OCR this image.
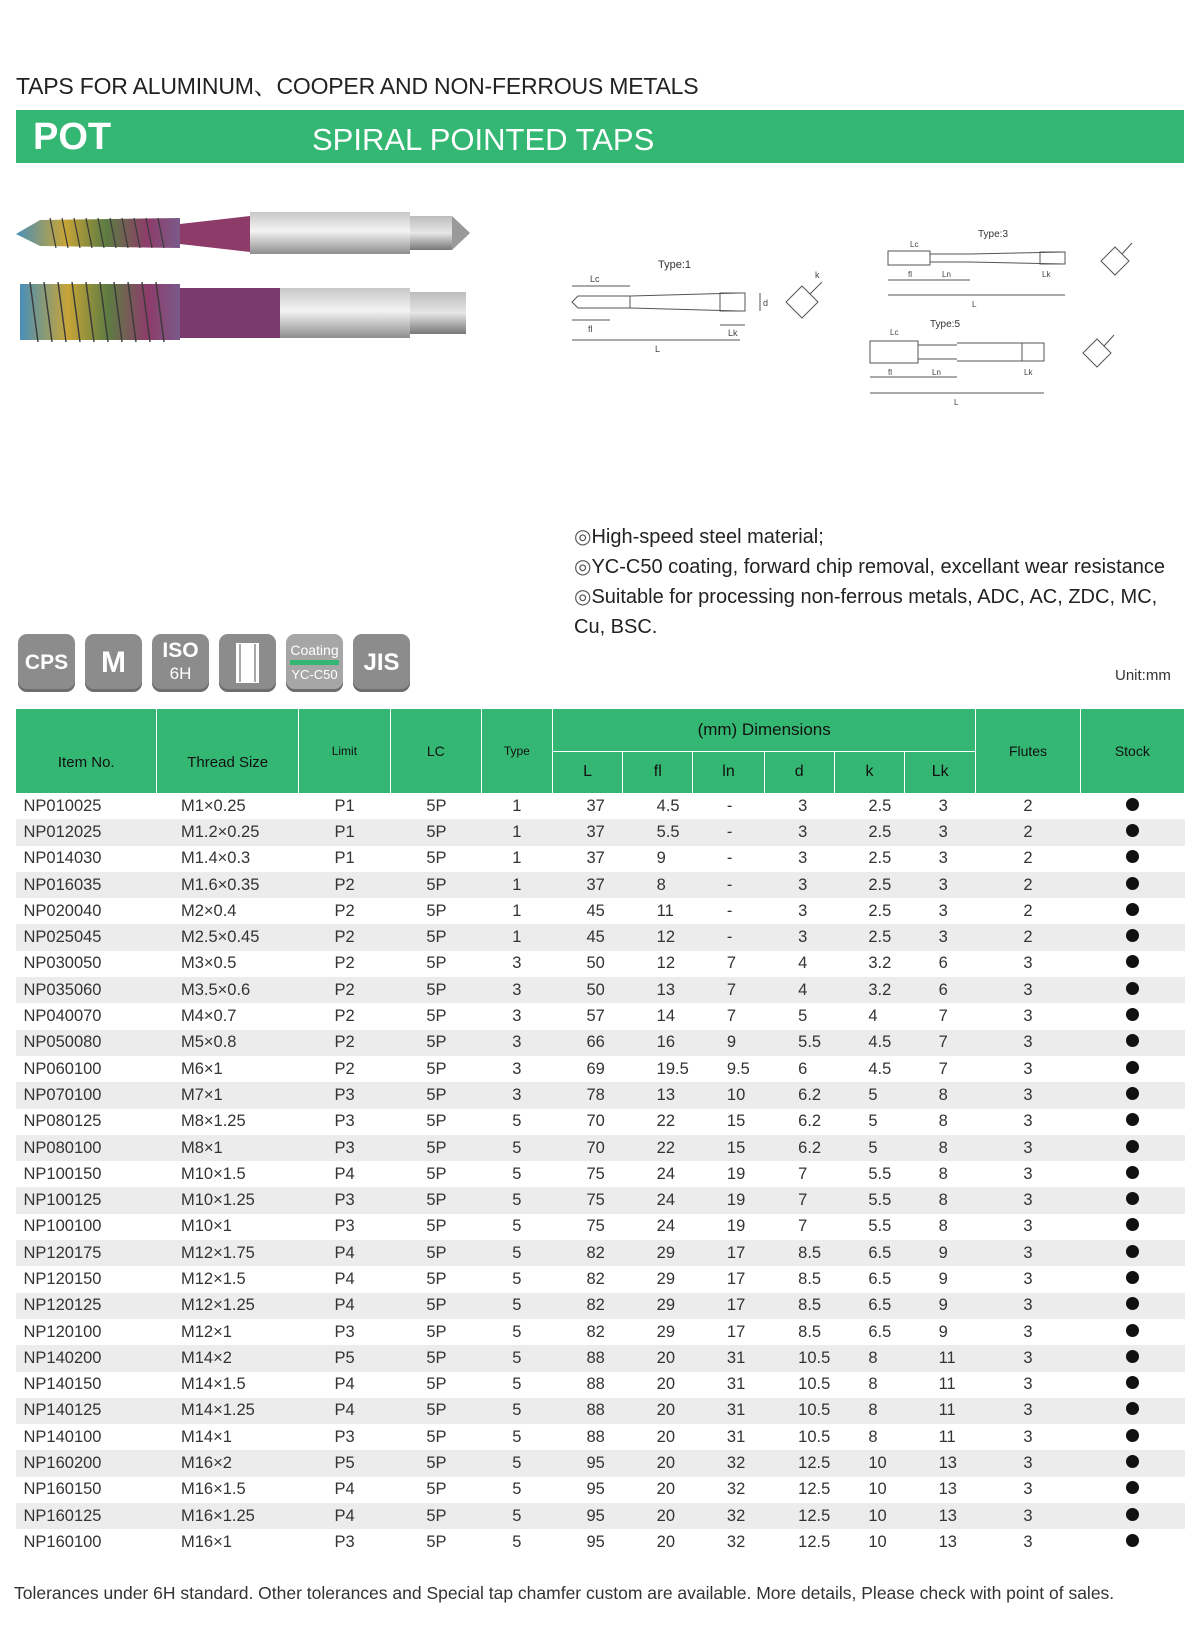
TAPS FOR ALUMINUM、COOPER AND NON-FERROUS METALS
POT	SPIRAL POINTED TAPS
Type:1
Lc
fl
L
Lk
d
k
Type:3
Lc
fl	Ln
L
Lk
Type:5
Lc
fl	Ln
L
Lk
◎High-speed steel material;
◎YC-C50 coating, forward chip removal, excellant wear resistance
◎Suitable for processing non-ferrous metals, ADC, AC, ZDC, MC, Cu, BSC.
CPS	M	ISO
6H
Coating
YC-C50	JIS	Unit:mm
Item No.	Thread Size	Limit	LC	Type	(mm) Dimensions						Flutes	Stock
					L	fl	ln	d	k	Lk		
NP010025	M1×0.25	P1	5P	1	37	4.5	-	3	2.5	3	2	
NP012025	M1.2×0.25	P1	5P	1	37	5.5	-	3	2.5	3	2	
NP014030	M1.4×0.3	P1	5P	1	37	9	-	3	2.5	3	2	
NP016035	M1.6×0.35	P2	5P	1	37	8	-	3	2.5	3	2	
NP020040	M2×0.4	P2	5P	1	45	11	-	3	2.5	3	2	
NP025045	M2.5×0.45	P2	5P	1	45	12	-	3	2.5	3	2	
NP030050	M3×0.5	P2	5P	3	50	12	7	4	3.2	6	3	
NP035060	M3.5×0.6	P2	5P	3	50	13	7	4	3.2	6	3	
NP040070	M4×0.7	P2	5P	3	57	14	7	5	4	7	3	
NP050080	M5×0.8	P2	5P	3	66	16	9	5.5	4.5	7	3	
NP060100	M6×1	P2	5P	3	69	19.5	9.5	6	4.5	7	3	
NP070100	M7×1	P3	5P	3	78	13	10	6.2	5	8	3	
NP080125	M8×1.25	P3	5P	5	70	22	15	6.2	5	8	3	
NP080100	M8×1	P3	5P	5	70	22	15	6.2	5	8	3	
NP100150	M10×1.5	P4	5P	5	75	24	19	7	5.5	8	3	
NP100125	M10×1.25	P3	5P	5	75	24	19	7	5.5	8	3	
NP100100	M10×1	P3	5P	5	75	24	19	7	5.5	8	3	
NP120175	M12×1.75	P4	5P	5	82	29	17	8.5	6.5	9	3	
NP120150	M12×1.5	P4	5P	5	82	29	17	8.5	6.5	9	3	
NP120125	M12×1.25	P4	5P	5	82	29	17	8.5	6.5	9	3	
NP120100	M12×1	P3	5P	5	82	29	17	8.5	6.5	9	3	
NP140200	M14×2	P5	5P	5	88	20	31	10.5	8	11	3	
NP140150	M14×1.5	P4	5P	5	88	20	31	10.5	8	11	3	
NP140125	M14×1.25	P4	5P	5	88	20	31	10.5	8	11	3	
NP140100	M14×1	P3	5P	5	88	20	31	10.5	8	11	3	
NP160200	M16×2	P5	5P	5	95	20	32	12.5	10	13	3	
NP160150	M16×1.5	P4	5P	5	95	20	32	12.5	10	13	3	
NP160125	M16×1.25	P4	5P	5	95	20	32	12.5	10	13	3	
NP160100	M16×1	P3	5P	5	95	20	32	12.5	10	13	3	
Tolerances under 6H standard. Other tolerances and Special tap chamfer custom are available. More details, Please check with point of sales.
